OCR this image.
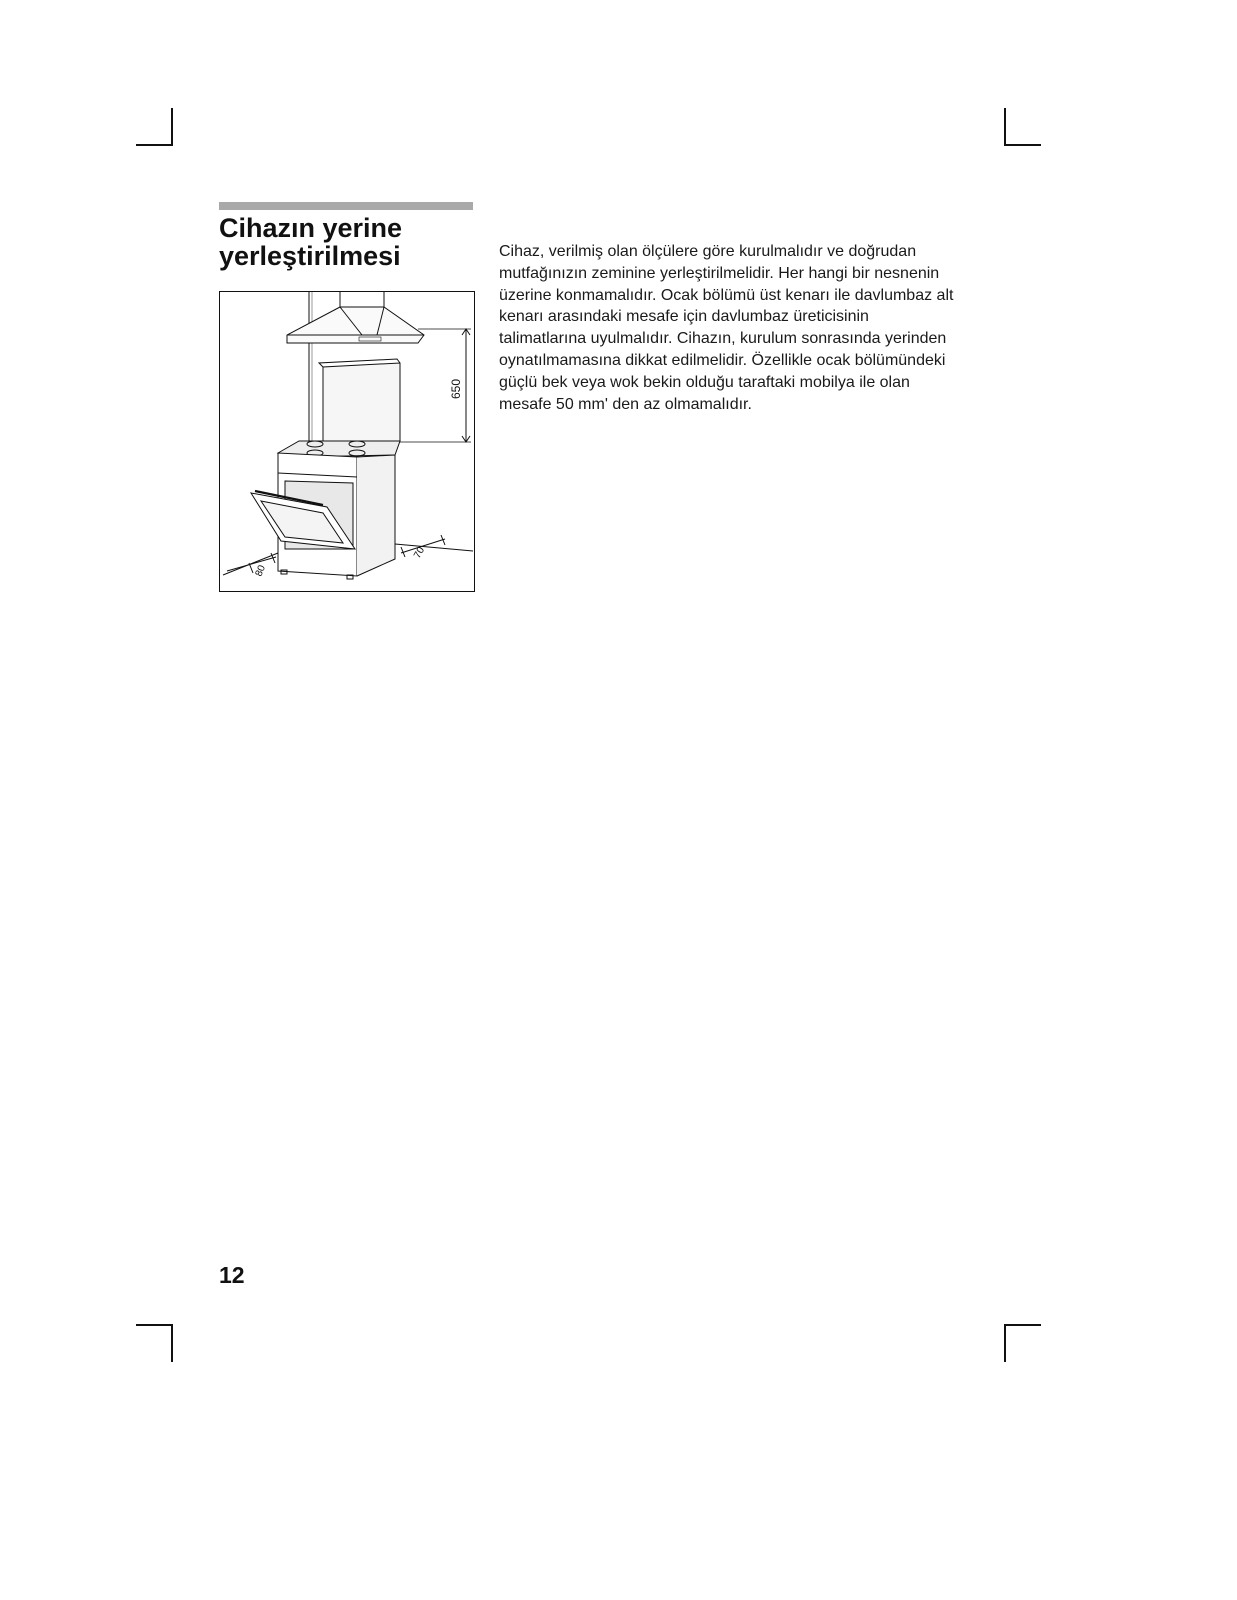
Cihazın yerine
yerleştirilmesi
650
70
80

Cihaz, verilmiş olan ölçülere göre kurulmalıdır ve doğrudan mutfağınızın zeminine yerleştirilmelidir. Her hangi bir nesnenin üzerine konmamalıdır. Ocak bölümü üst kenarı ile davlumbaz alt kenarı arasındaki mesafe için davlumbaz üreticisinin talimatlarına uyulmalıdır. Cihazın, kurulum sonrasında yerinden oynatılmamasına dikkat edilmelidir. Özellikle ocak bölümündeki güçlü bek veya wok bekin olduğu taraftaki mobilya ile olan mesafe 50 mm' den az olmamalıdır.

12
